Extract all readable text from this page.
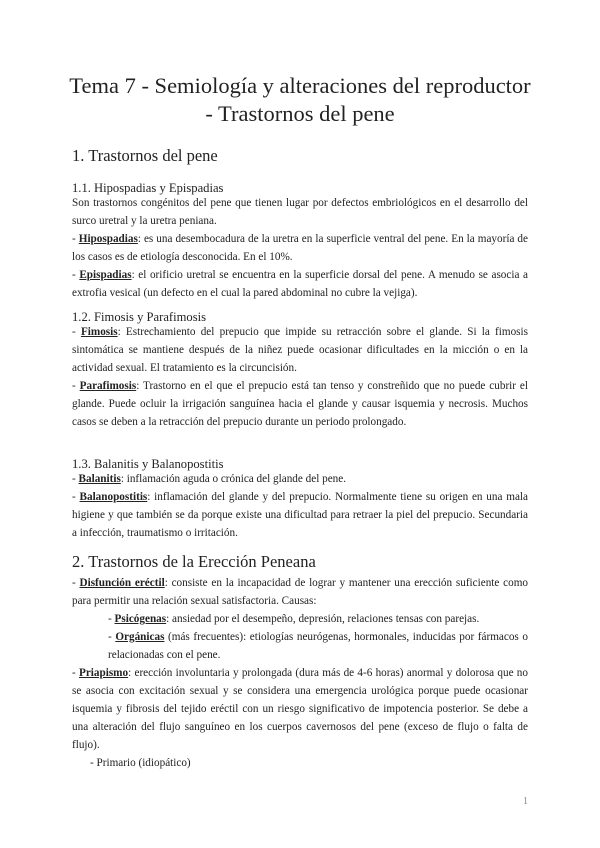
Tema 7 - Semiología y alteraciones del reproductor
- Trastornos del pene
1. Trastornos del pene
1.1. Hipospadias y Epispadias

Son trastornos congénitos del pene que tienen lugar por defectos embriológicos en el desarrollo del surco uretral y la uretra peniana.

- Hipospadias: es una desembocadura de la uretra en la superficie ventral del pene. En la mayoría de los casos es de etiología desconocida. En el 10%.

- Epispadias: el orificio uretral se encuentra en la superficie dorsal del pene. A menudo se asocia a extrofia vesical (un defecto en el cual la pared abdominal no cubre la vejiga).

1.2. Fimosis y Parafimosis

- Fimosis: Estrechamiento del prepucio que impide su retracción sobre el glande. Si la fimosis sintomática se mantiene después de la niñez puede ocasionar dificultades en la micción o en la actividad sexual. El tratamiento es la circuncisión.

- Parafimosis: Trastorno en el que el prepucio está tan tenso y constreñido que no puede cubrir el glande. Puede ocluir la irrigación sanguínea hacia el glande y causar isquemia y necrosis. Muchos casos se deben a la retracción del prepucio durante un periodo prolongado.

1.3. Balanitis y Balanopostitis

- Balanitis: inflamación aguda o crónica del glande del pene.

- Balanopostitis: inflamación del glande y del prepucio. Normalmente tiene su origen en una mala higiene y que también se da porque existe una dificultad para retraer la piel del prepucio. Secundaria a infección, traumatismo o irritación.

2. Trastornos de la Erección Peneana

- Disfunción eréctil: consiste en la incapacidad de lograr y mantener una erección suficiente como para permitir una relación sexual satisfactoria. Causas:

- Psicógenas: ansiedad por el desempeño, depresión, relaciones tensas con parejas.

- Orgánicas (más frecuentes): etiologías neurógenas, hormonales, inducidas por fármacos o relacionadas con el pene.

- Priapismo: erección involuntaria y prolongada (dura más de 4-6 horas) anormal y dolorosa que no se asocia con excitación sexual y se considera una emergencia urológica porque puede ocasionar isquemia y fibrosis del tejido eréctil con un riesgo significativo de impotencia posterior. Se debe a una alteración del flujo sanguíneo en los cuerpos cavernosos del pene (exceso de flujo o falta de flujo).

- Primario (idiopático)

1
